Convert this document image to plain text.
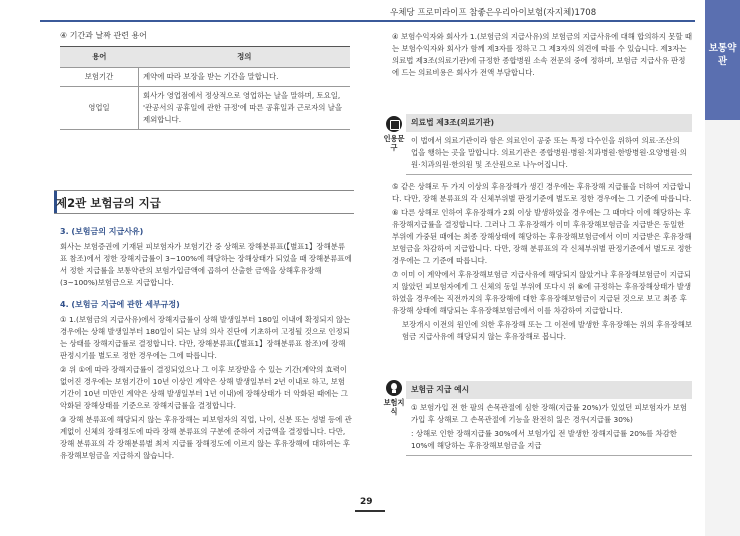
우체당 프로미라이프 참좋은우리아이보험(자지체)1708
보통약관
④ 기간과 날짜 관련 용어
용어	정의
보험기간	계약에 따라 보장을 받는 기간을 말합니다.
영업일	회사가 영업점에서 정상적으로 영업하는 날을 말하며, 토요일, '관공서의 공휴일에 관한 규정'에 따른 공휴일과 근로자의 날을 제외합니다.
제2관 보험금의 지급
3. (보험금의 지급사유)
회사는 보험증권에 기재된 피보험자가 보험기간 중 상해로 장해분류표(【별표1】장해분류표 참조)에서 정한 장해지급률이 3~100%에 해당하는 장해상태가 되었을 때 장해분류표에서 정한 지급률을 보통약관의 보험가입금액에 곱하여 산출한 금액을 상해후유장해(3~100%)보험금으로 지급합니다.
4. (보험금 지급에 관한 세부규정)
① 1.(보험금의 지급사유)에서 장해지급률이 상해 발생일부터 180일 이내에 확정되지 않는 경우에는 상해 발생일부터 180일이 되는 날의 의사 진단에 기초하여 고정될 것으로 인정되는 상태를 장해지급률로 결정합니다. 다만, 장해분류표(【별표1】장해분류표 참조)에 장해판정시기를 별도로 정한 경우에는 그에 따릅니다.
② 위 ①에 따라 장해지급률이 결정되었으나 그 이후 보장받을 수 있는 기간(계약의 효력이 없어진 경우에는 보험기간이 10년 이상인 계약은 상해 발생일부터 2년 이내로 하고, 보험기간이 10년 미만인 계약은 상해 발생일부터 1년 이내)에 장해상태가 더 악화된 때에는 그 악화된 장해상태를 기준으로 장해지급률을 결정합니다.
③ 장해 분류표에 해당되지 않는 후유장해는 피보험자의 직업, 나이, 신분 또는 성별 등에 관계없이 신체의 장해정도에 따라 장해 분류표의 구분에 준하여 지급액을 결정합니다. 다만, 장해 분류표의 각 장해분류별 최저 지급률 장해정도에 이르지 않는 후유장해에 대하여는 후유장해보험금을 지급하지 않습니다.
④ 보험수익자와 회사가 1.(보험금의 지급사유)의 보험금의 지급사유에 대해 합의하지 못할 때는 보험수익자와 회사가 함께 제3자를 정하고 그 제3자의 의견에 따를 수 있습니다. 제3자는 의료법 제3조(의료기관)에 규정한 종합병원 소속 전문의 중에 정하며, 보험금 지급사유 판정에 드는 의료비용은 회사가 전액 부담합니다.
인용문구
의료법 제3조(의료기관)
이 법에서 의료기관이라 함은 의료인이 공중 또는 특정 다수인을 위하여 의료·조산의 업을 행하는 곳을 말합니다. 의료기관은 종합병원·병원·치과병원·한방병원·요양병원·의원·치과의원·한의원 및 조산원으로 나누어집니다.
⑤ 같은 상해로 두 가지 이상의 후유장해가 생긴 경우에는 후유장해 지급률을 더하여 지급합니다. 다만, 장해 분류표의 각 신체부위별 판정기준에 별도로 정한 경우에는 그 기준에 따릅니다.
⑥ 다른 상해로 인하여 후유장해가 2회 이상 발생하였을 경우에는 그 때마다 이에 해당하는 후유장해지급률을 결정합니다. 그러나 그 후유장해가 이미 후유장해보험금을 지급받은 동일한 부위에 가중된 때에는 최종 장해상태에 해당하는 후유장해보험금에서 이미 지급받은 후유장해보험금을 차감하여 지급합니다. 다만, 장해 분류표의 각 신체부위별 판정기준에서 별도로 정한 경우에는 그 기준에 따릅니다.
⑦ 이미 이 계약에서 후유장해보험금 지급사유에 해당되지 않았거나 후유장해보험금이 지급되지 않았던 피보험자에게 그 신체의 동일 부위에 또다시 위 ⑥에 규정하는 후유장해상태가 발생하였을 경우에는 직전까지의 후유장해에 대한 후유장해보험금이 지급된 것으로 보고 최종 후유장해 상태에 해당되는 후유장해보험금에서 이를 차감하여 지급합니다.
보장개시 이전의 원인에 의한 후유장해 또는 그 이전에 발생한 후유장해는 위의 후유장해보험금 지급사유에 해당되지 않는 후유장해로 봅니다.
보험지식
보험금 지급 예시
① 보험가입 전 한 팔의 손목관절에 심한 장해(지급률 20%)가 있었던 피보험자가 보험가입 후 상해로 그 손목관절에 기능을 완전히 잃은 경우(지급률 30%)
: 상해로 인한 장해지급률 30%에서 보험가입 전 발생한 장해지급률 20%를 차감한 10%에 해당하는 후유장해보험금을 지급
29
